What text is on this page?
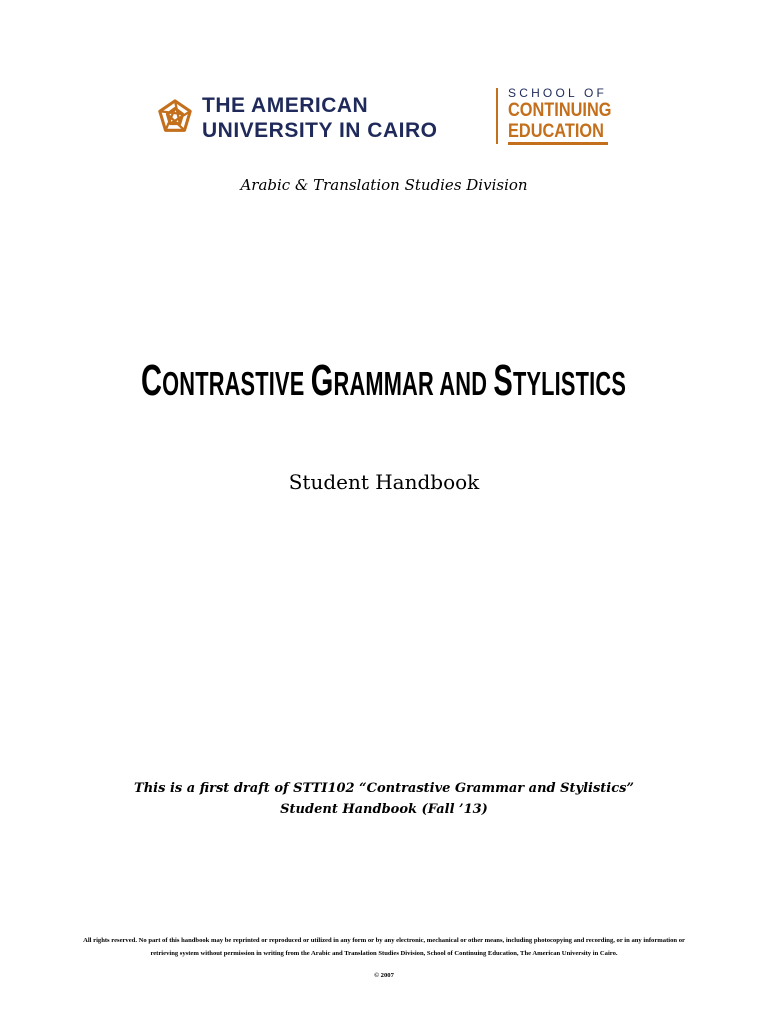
THE AMERICAN
UNIVERSITY IN CAIRO
SCHOOL OF
CONTINUING
EDUCATION
Arabic & Translation Studies Division
CONTRASTIVE GRAMMAR AND STYLISTICS
Student Handbook
This is a first draft of STTI102 “Contrastive Grammar and Stylistics”
Student Handbook (Fall ’13)
All rights reserved. No part of this handbook may be reprinted or reproduced or utilized in any form or by any electronic, mechanical or other means, including photocopying and recording, or in any information or retrieving system without permission in writing from the Arabic and Translation Studies Division, School of Continuing Education, The American University in Cairo.
© 2007
